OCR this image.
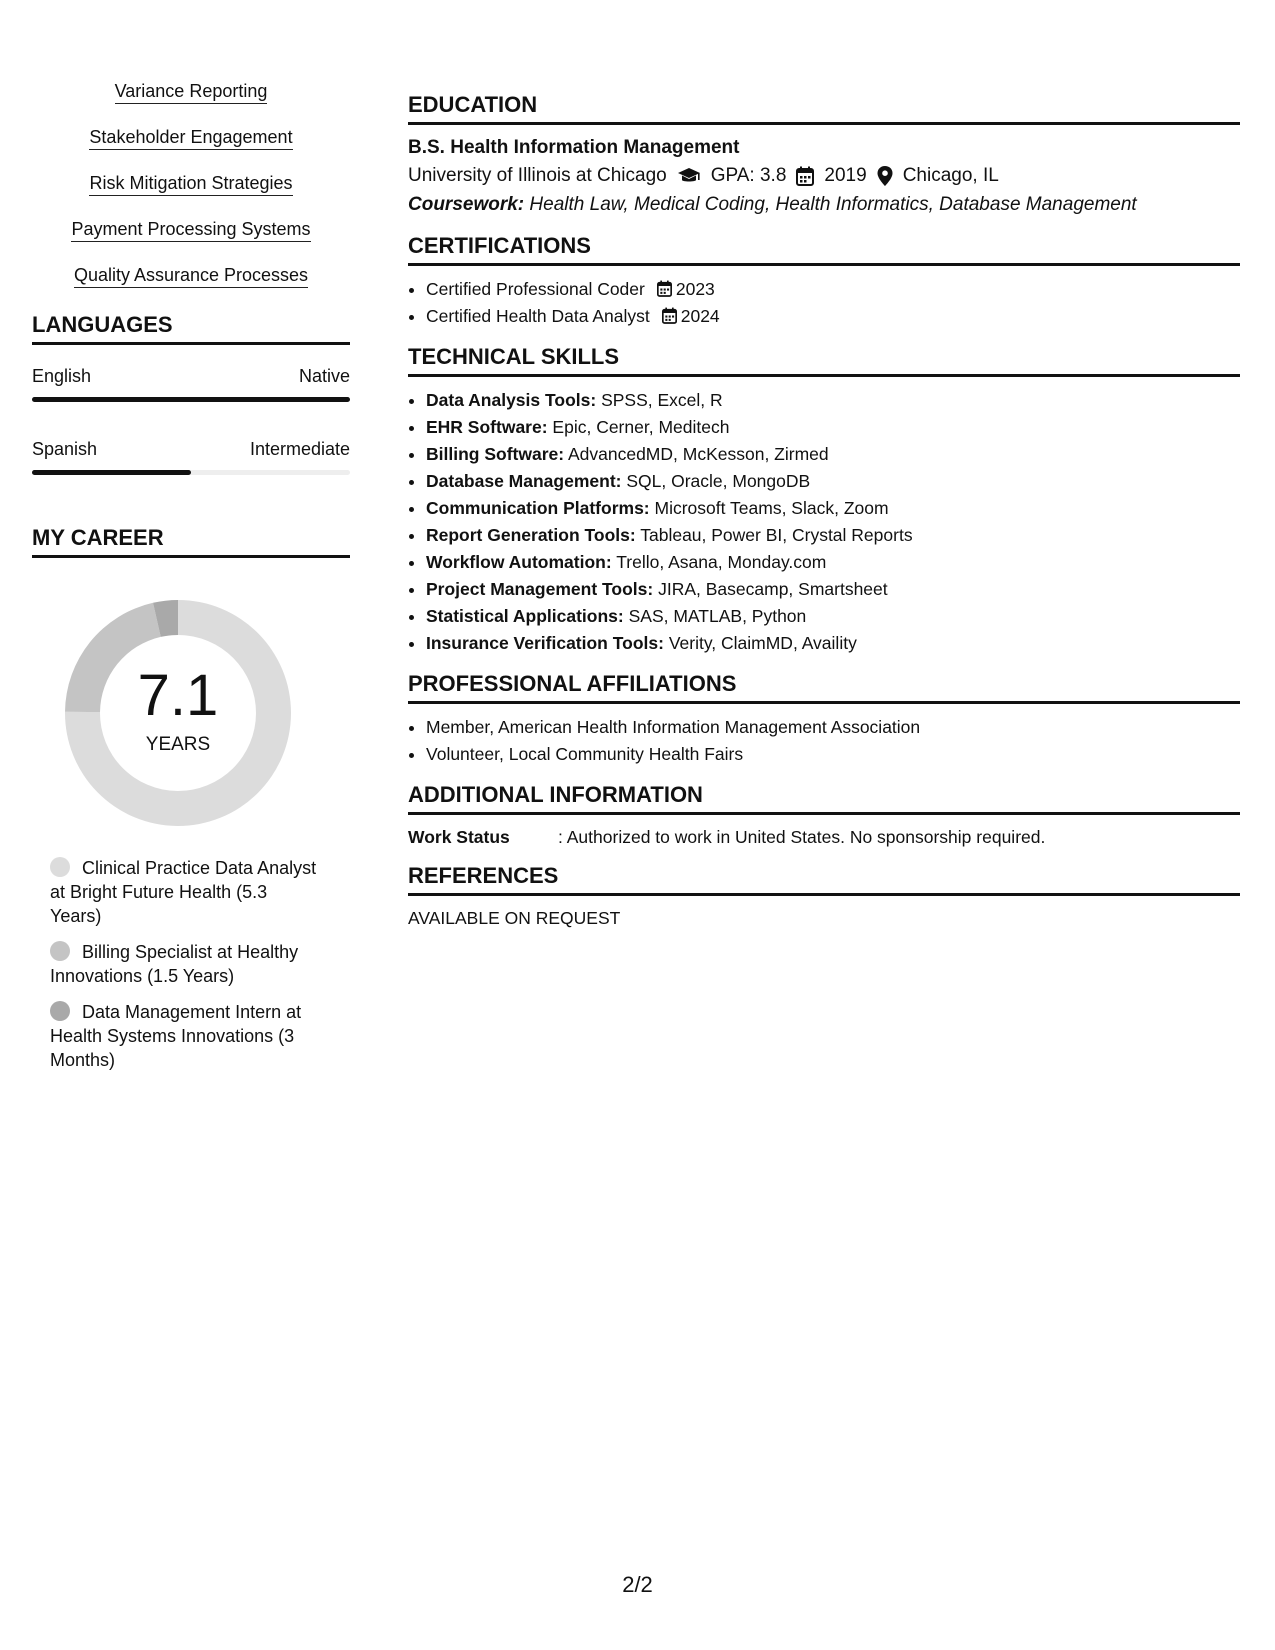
Variance Reporting
Stakeholder Engagement
Risk Mitigation Strategies
Payment Processing Systems
Quality Assurance Processes
LANGUAGES
English	Native
Spanish	Intermediate
MY CAREER
7.1
YEARS
Clinical Practice Data Analyst at Bright Future Health (5.3 Years)
Billing Specialist at Healthy Innovations (1.5 Years)
Data Management Intern at Health Systems Innovations (3 Months)
EDUCATION
B.S. Health Information Management
University of Illinois at Chicago GPA: 3.8 2019 Chicago, IL
Coursework: Health Law, Medical Coding, Health Informatics, Database Management
CERTIFICATIONS
• Certified Professional Coder 2023
• Certified Health Data Analyst 2024
TECHNICAL SKILLS
• Data Analysis Tools: SPSS, Excel, R
• EHR Software: Epic, Cerner, Meditech
• Billing Software: AdvancedMD, McKesson, Zirmed
• Database Management: SQL, Oracle, MongoDB
• Communication Platforms: Microsoft Teams, Slack, Zoom
• Report Generation Tools: Tableau, Power BI, Crystal Reports
• Workflow Automation: Trello, Asana, Monday.com
• Project Management Tools: JIRA, Basecamp, Smartsheet
• Statistical Applications: SAS, MATLAB, Python
• Insurance Verification Tools: Verity, ClaimMD, Availity
PROFESSIONAL AFFILIATIONS
• Member, American Health Information Management Association
• Volunteer, Local Community Health Fairs
ADDITIONAL INFORMATION
Work Status	: Authorized to work in United States. No sponsorship required.
REFERENCES
AVAILABLE ON REQUEST
2/2
